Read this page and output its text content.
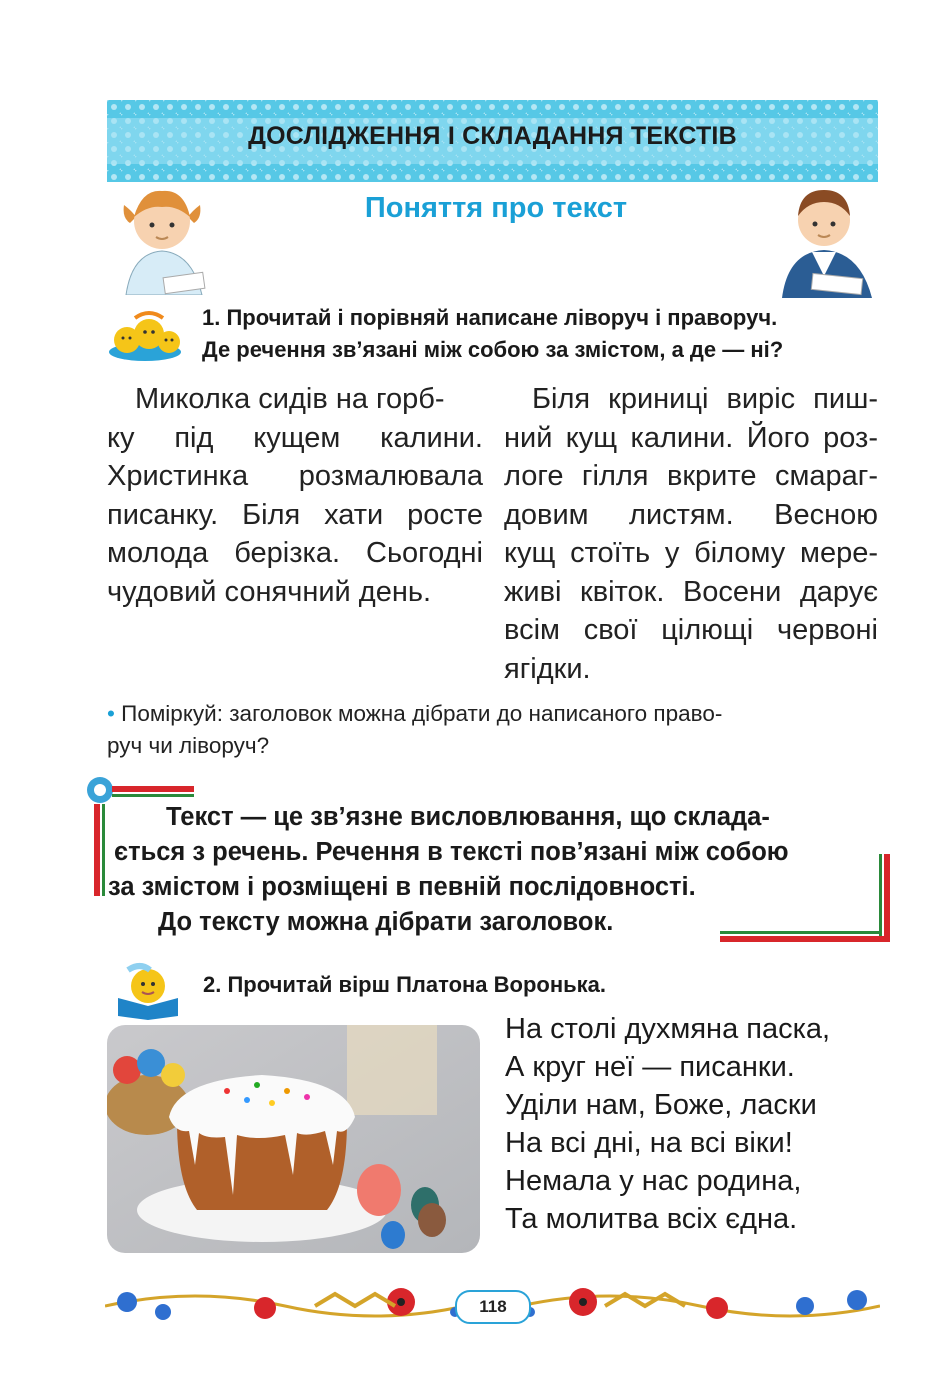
ДОСЛІДЖЕННЯ І СКЛАДАННЯ ТЕКСТІВ
Поняття про текст
1. Прочитай і порівняй написане ліворуч і праворуч.
Де речення зв’язані між собою за змістом, а де — ні?
Миколка сидів на горб-
ку під кущем калини.
Христинка розмалювала
писанку. Біля хати росте
молода берізка. Сьогодні
чудовий сонячний день.
Біля криниці виріс пиш-
ний кущ калини. Його роз-
логе гілля вкрите смараг-
довим листям. Весною
кущ стоїть у білому мере-
живі квіток. Восени дарує
всім свої цілющі червоні
ягідки.
• Поміркуй: заголовок можна дібрати до написаного право-
руч чи ліворуч?
Текст — це зв’язне висловлювання, що склада-
ється з речень. Речення в тексті пов’язані між собою
за змістом і розміщені в певній послідовності.
До тексту можна дібрати заголовок.
2. Прочитай вірш Платона Воронька.
На столі духмяна паска,
А круг неї — писанки.
Уділи нам, Боже, ласки
На всі дні, на всі віки!
Немала у нас родина,
Та молитва всіх єдна.
118
